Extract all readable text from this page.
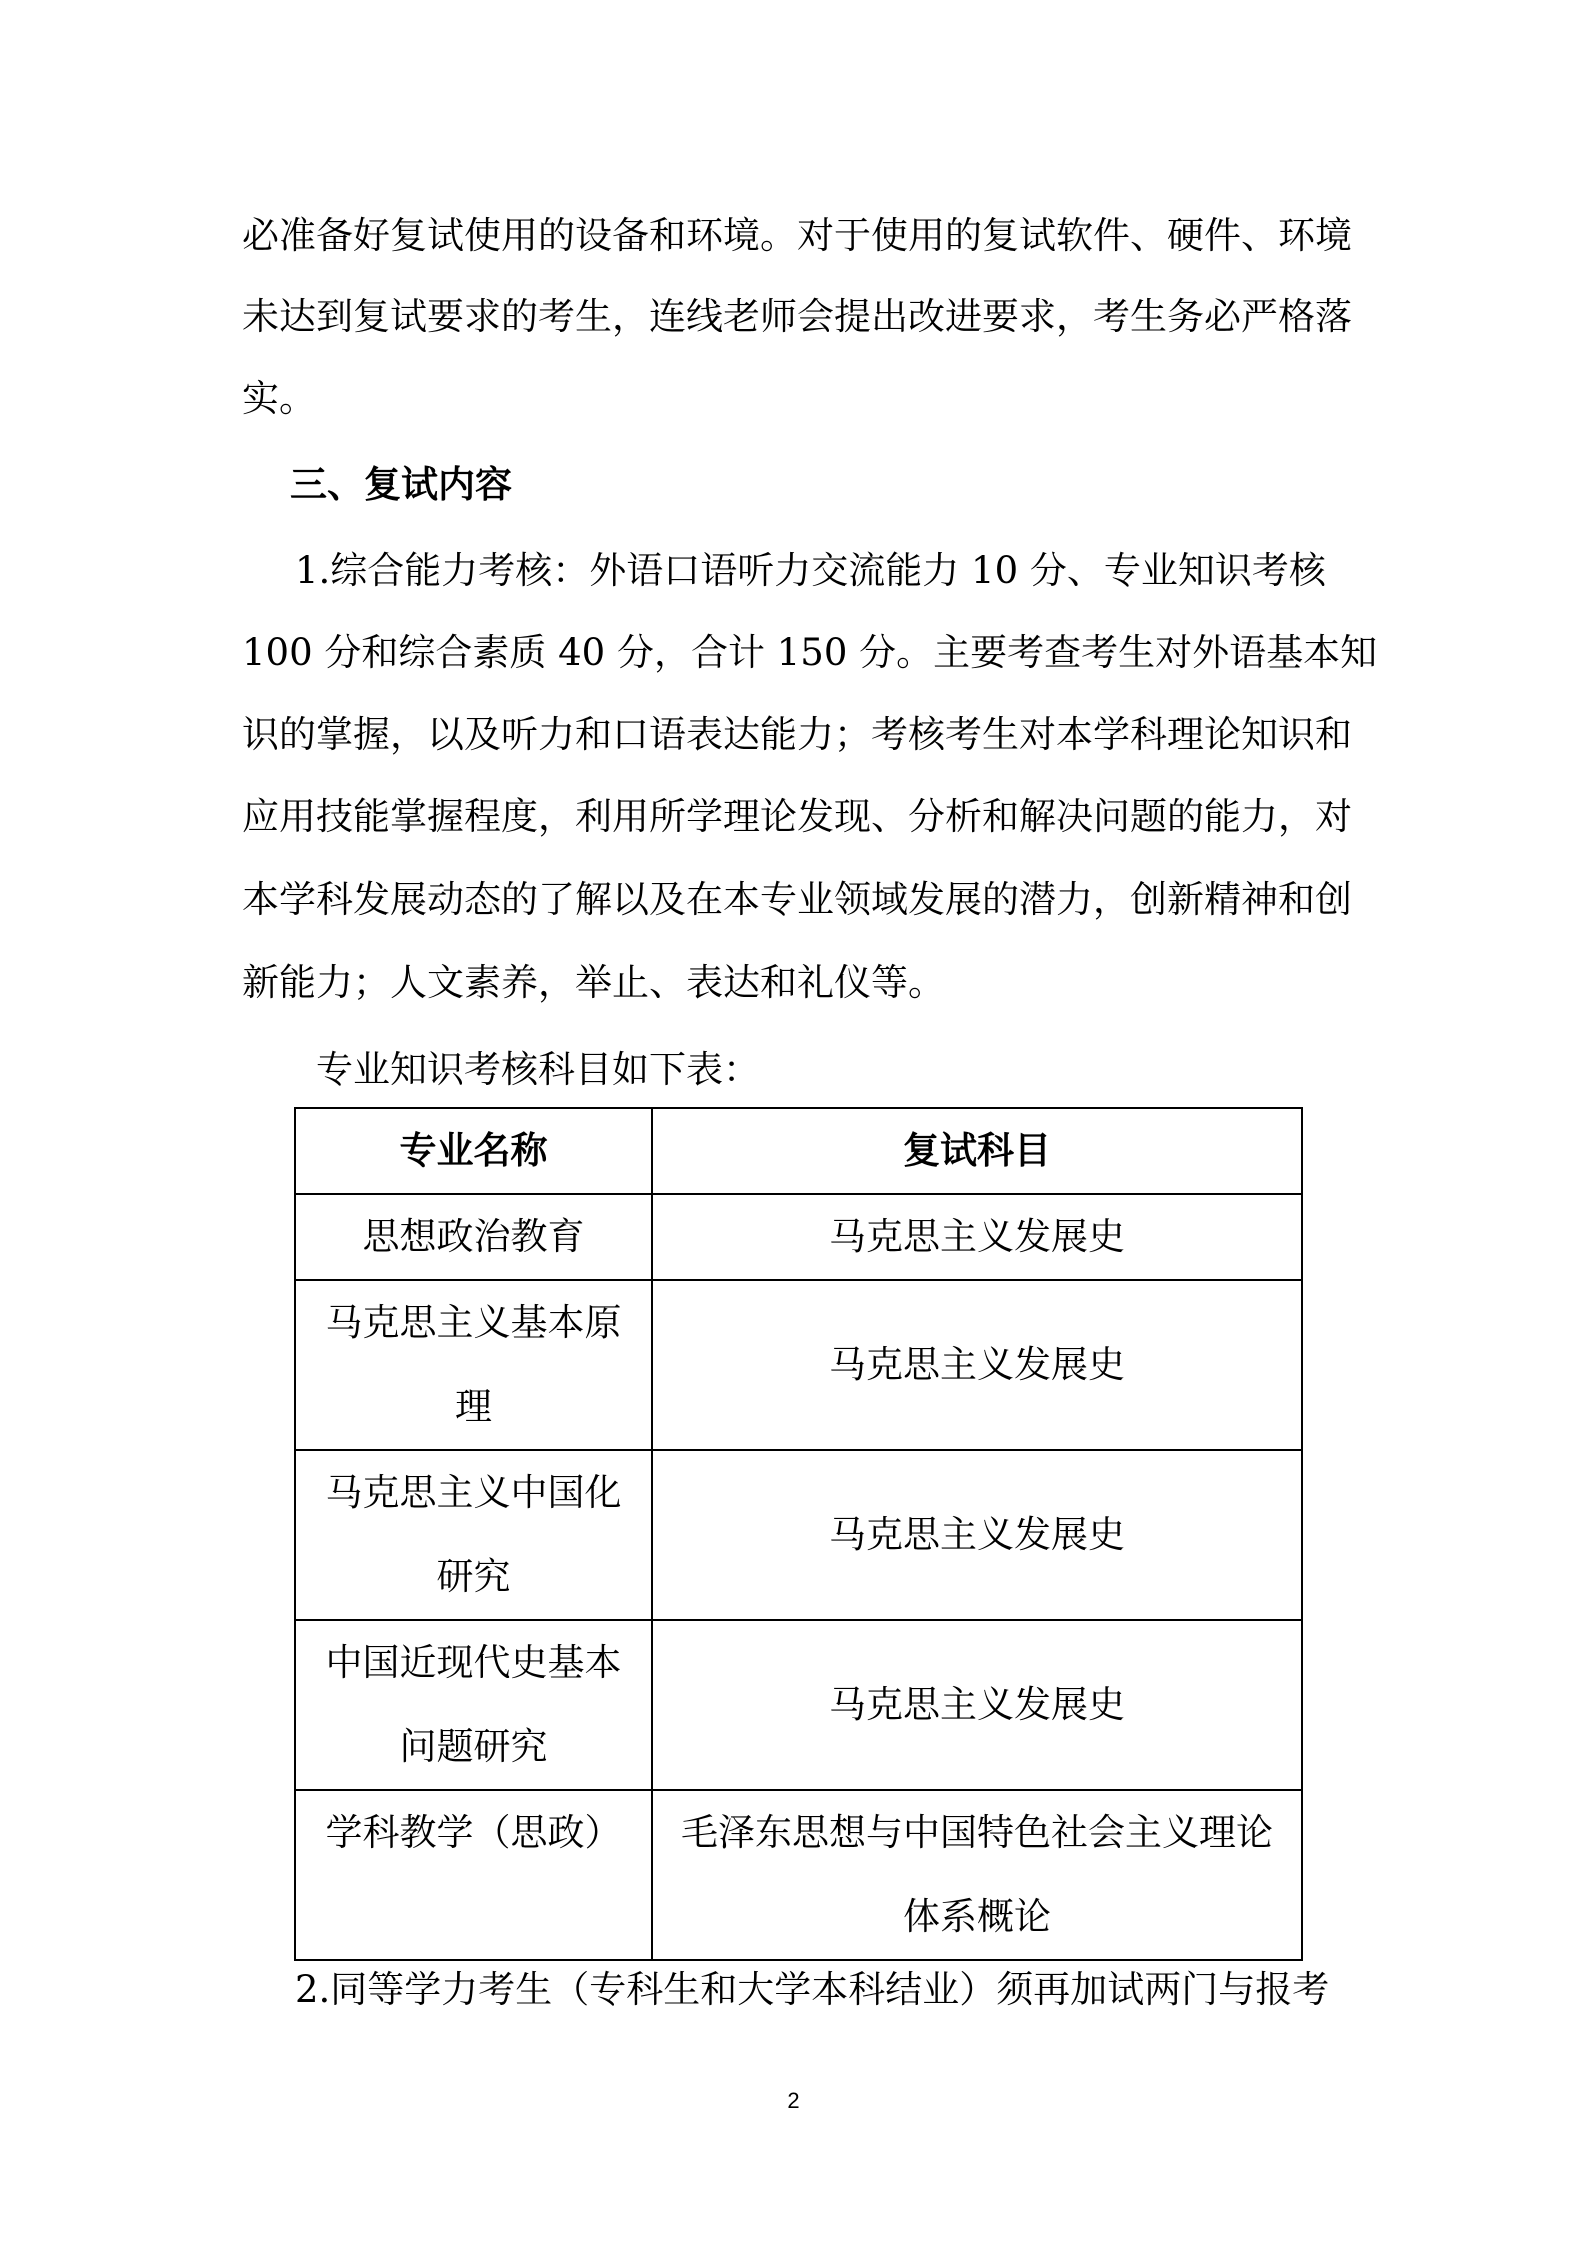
必准备好复试使用的设备和环境。对于使用的复试软件、硬件、环境
未达到复试要求的考生，连线老师会提出改进要求，考生务必严格落
实。
三、复试内容
1.综合能力考核：外语口语听力交流能力 10 分、专业知识考核
100 分和综合素质 40 分，合计 150 分。主要考查考生对外语基本知
识的掌握，以及听力和口语表达能力；考核考生对本学科理论知识和
应用技能掌握程度，利用所学理论发现、分析和解决问题的能力，对
本学科发展动态的了解以及在本专业领域发展的潜力，创新精神和创
新能力；人文素养，举止、表达和礼仪等。
专业知识考核科目如下表：
专业名称	复试科目
思想政治教育	马克思主义发展史
马克思主义基本原理	马克思主义发展史
马克思主义中国化研究	马克思主义发展史
中国近现代史基本问题研究	马克思主义发展史
学科教学（思政）	毛泽东思想与中国特色社会主义理论体系概论
2.同等学力考生（专科生和大学本科结业）须再加试两门与报考
2
